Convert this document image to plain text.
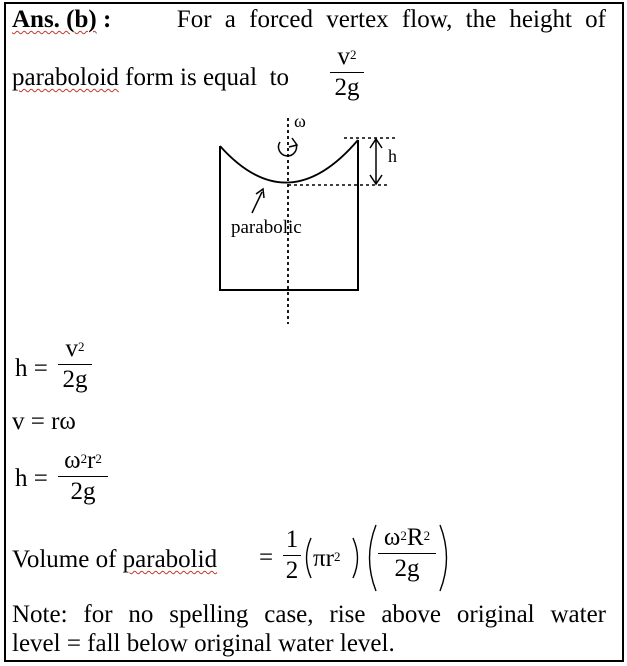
Ans. (b) :	For a forced vertex flow, the height of
paraboloid form is equal  to
$v^2$
2g
ω
h
parabolic
h =
$v^2$
2g
v = rω
h =
$\omega^2r^2$
2g
Volume of parabolid =
1
2 $\pi r^2$
$\omega^2R^2$
2g
Note: for no spelling case, rise above original water
level = fall below original water level.
